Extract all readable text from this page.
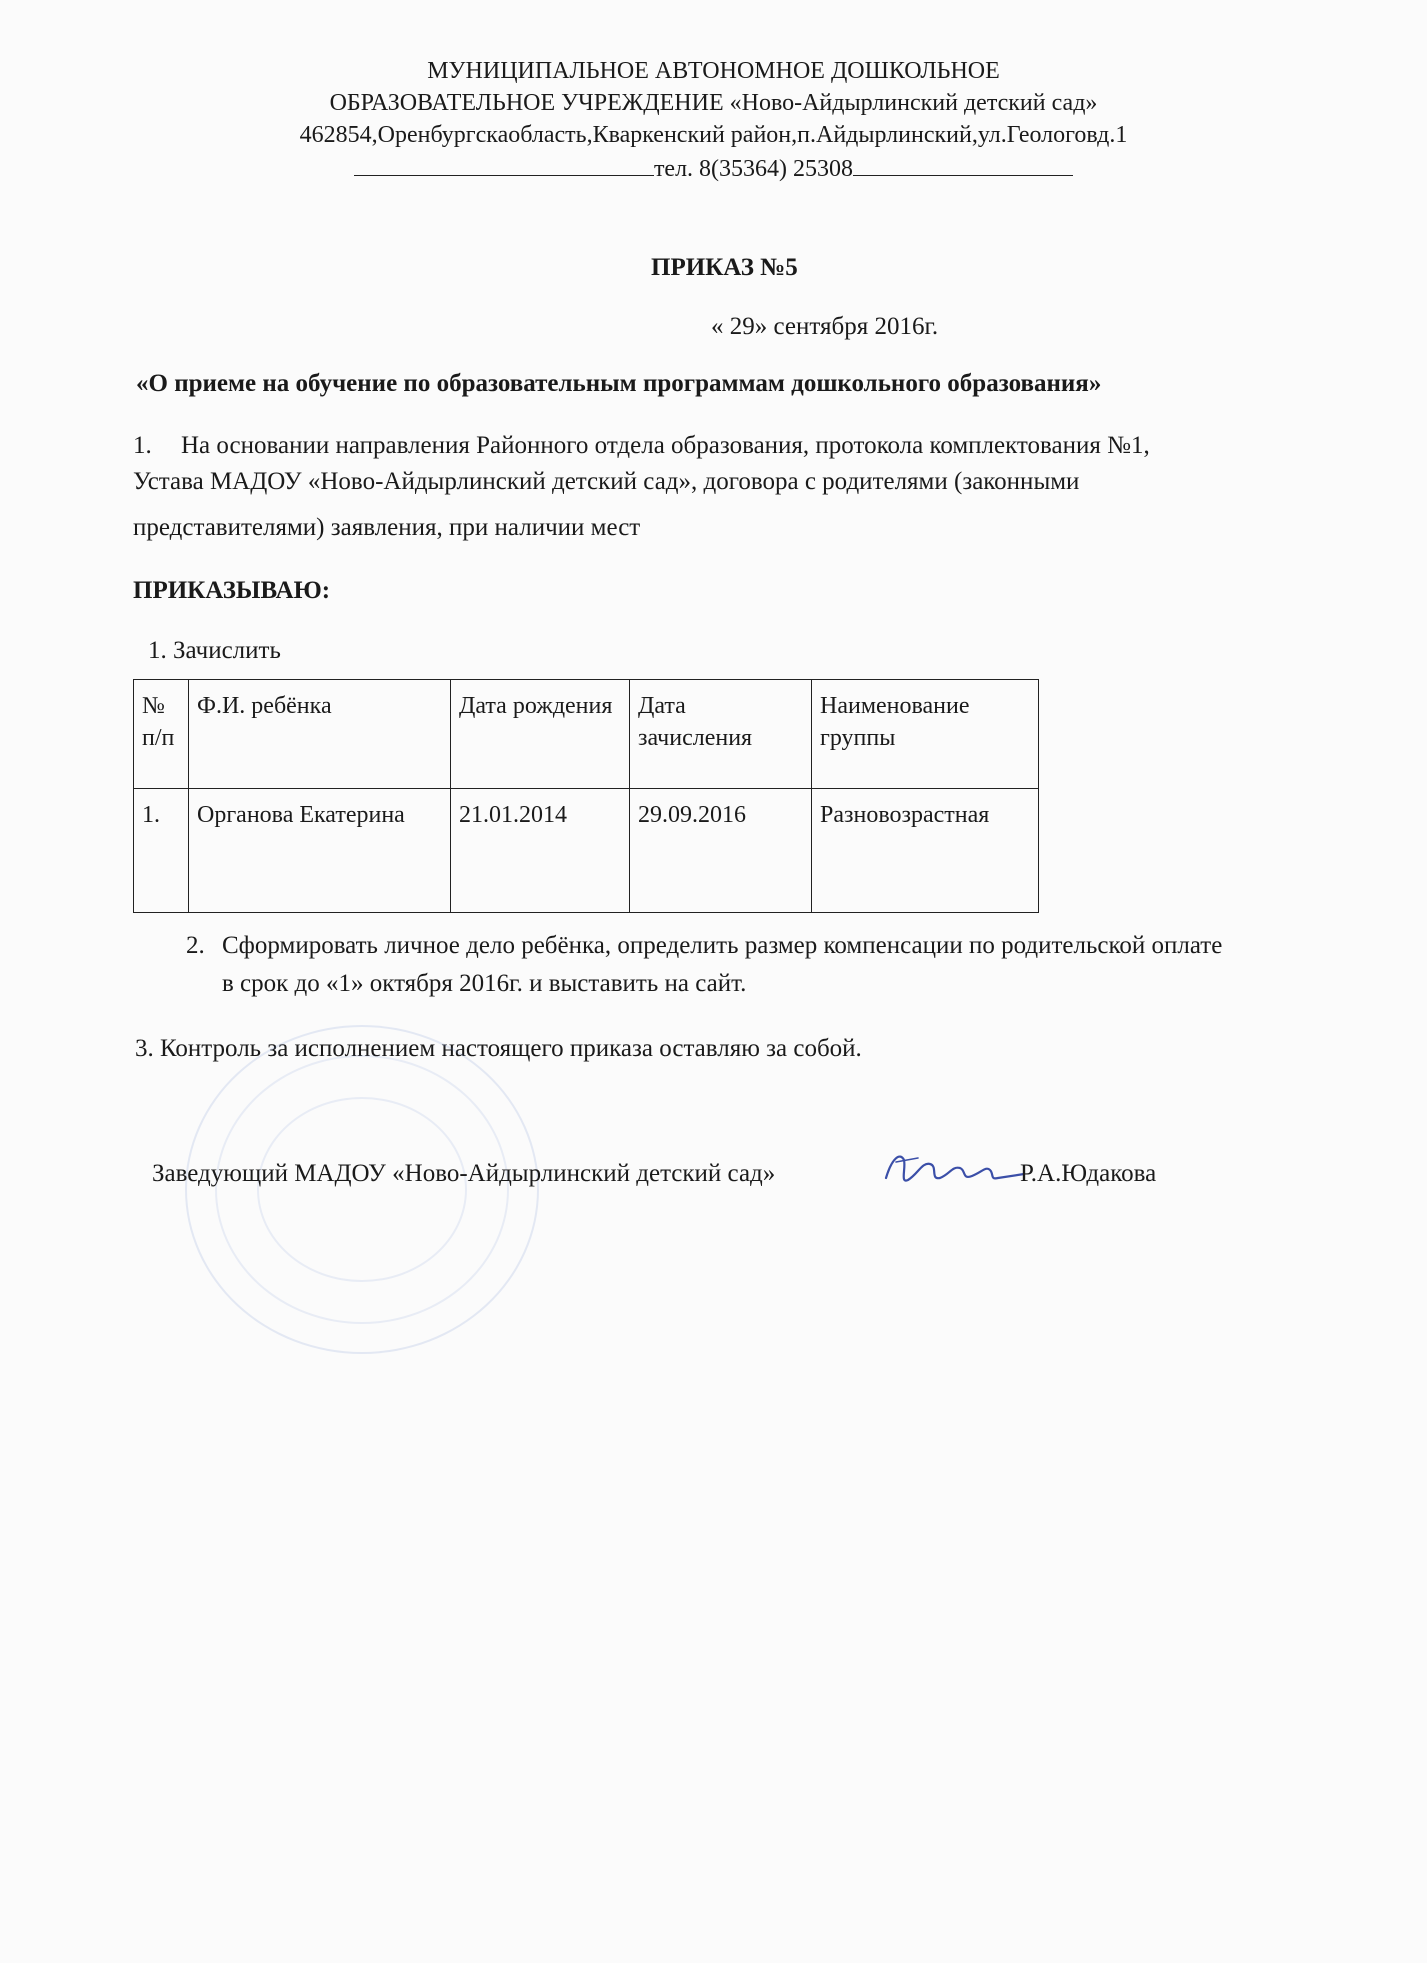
МУНИЦИПАЛЬНОЕ АВТОНОМНОЕ ДОШКОЛЬНОЕ
ОБРАЗОВАТЕЛЬНОЕ УЧРЕЖДЕНИЕ «Ново-Айдырлинский детский сад»
462854,Оренбургскаобласть,Кваркенский район,п.Айдырлинский,ул.Геологовд.1
тел. 8(35364) 25308
ПРИКАЗ №5
« 29» сентября 2016г.
«О приеме на обучение по образовательным программам дошкольного образования»
1. На основании направления Районного отдела образования, протокола комплектования №1,
Устава МАДОУ «Ново-Айдырлинский детский сад», договора с родителями (законными
представителями) заявления, при наличии мест
ПРИКАЗЫВАЮ:
1. Зачислить
№ п/п	Ф.И. ребёнка	Дата рождения	Дата зачисления	Наименование группы
1.	Органова Екатерина	21.01.2014	29.09.2016	Разновозрастная
2. Сформировать личное дело ребёнка, определить размер компенсации по родительской оплате
в срок до «1» октября 2016г. и выставить на сайт.
3. Контроль за исполнением настоящего приказа оставляю за собой.
Заведующий МАДОУ «Ново-Айдырлинский детский сад»	Р.А.Юдакова
